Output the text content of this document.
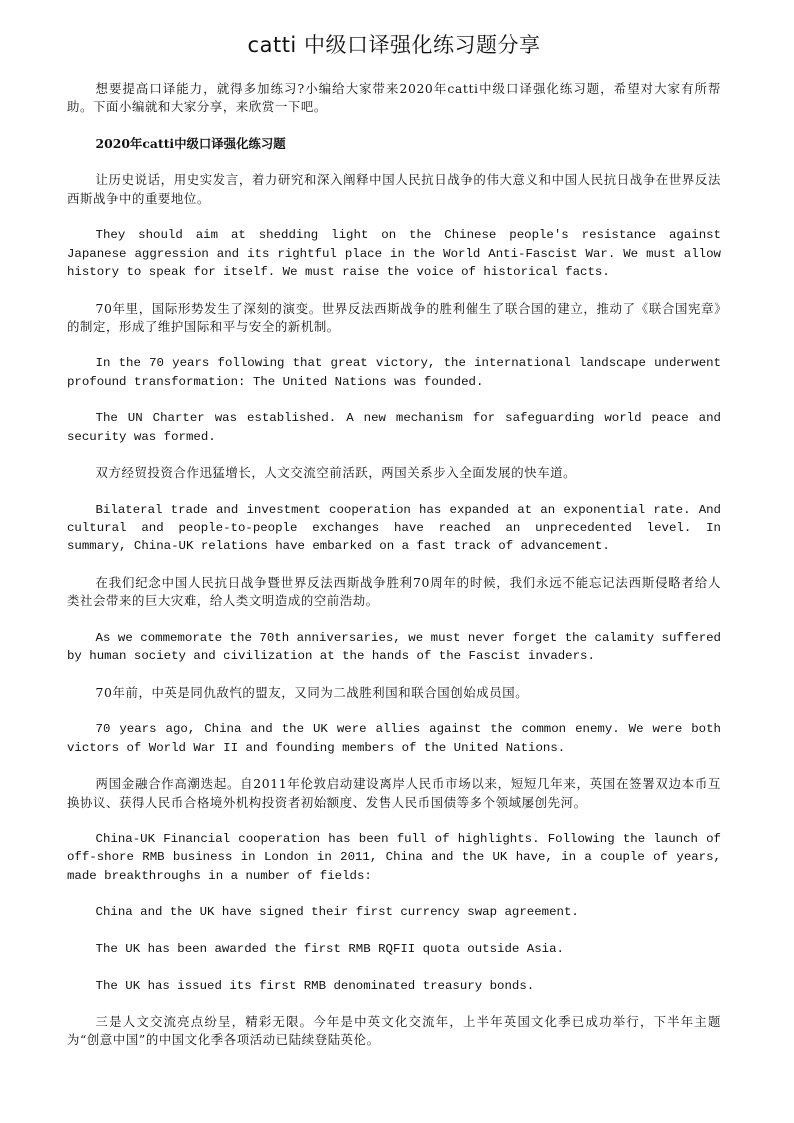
catti 中级口译强化练习题分享

想要提高口译能力，就得多加练习?小编给大家带来2020年catti中级口译强化练习题，希望对大家有所帮助。下面小编就和大家分享，来欣赏一下吧。

2020年catti中级口译强化练习题

让历史说话，用史实发言，着力研究和深入阐释中国人民抗日战争的伟大意义和中国人民抗日战争在世界反法西斯战争中的重要地位。

They should aim at shedding light on the Chinese people's resistance against Japanese aggression and its rightful place in the World Anti-Fascist War. We must allow history to speak for itself. We must raise the voice of historical facts.

70年里，国际形势发生了深刻的演变。世界反法西斯战争的胜利催生了联合国的建立，推动了《联合国宪章》的制定，形成了维护国际和平与安全的新机制。

In the 70 years following that great victory, the international landscape underwent profound transformation: The United Nations was founded.

The UN Charter was established. A new mechanism for safeguarding world peace and security was formed.

双方经贸投资合作迅猛增长，人文交流空前活跃，两国关系步入全面发展的快车道。

Bilateral trade and investment cooperation has expanded at an exponential rate. And cultural and people-to-people exchanges have reached an unprecedented level. In summary, China-UK relations have embarked on a fast track of advancement.

在我们纪念中国人民抗日战争暨世界反法西斯战争胜利70周年的时候，我们永远不能忘记法西斯侵略者给人类社会带来的巨大灾难，给人类文明造成的空前浩劫。

As we commemorate the 70th anniversaries, we must never forget the calamity suffered by human society and civilization at the hands of the Fascist invaders.

70年前，中英是同仇敌忾的盟友，又同为二战胜利国和联合国创始成员国。

70 years ago, China and the UK were allies against the common enemy. We were both victors of World War II and founding members of the United Nations.

两国金融合作高潮迭起。自2011年伦敦启动建设离岸人民币市场以来，短短几年来，英国在签署双边本币互换协议、获得人民币合格境外机构投资者初始额度、发售人民币国债等多个领域屡创先河。

China-UK Financial cooperation has been full of highlights. Following the launch of off-shore RMB business in London in 2011, China and the UK have, in a couple of years, made breakthroughs in a number of fields:

China and the UK have signed their first currency swap agreement.

The UK has been awarded the first RMB RQFII quota outside Asia.

The UK has issued its first RMB denominated treasury bonds.

三是人文交流亮点纷呈，精彩无限。今年是中英文化交流年，上半年英国文化季已成功举行，下半年主题为“创意中国”的中国文化季各项活动已陆续登陆英伦。
